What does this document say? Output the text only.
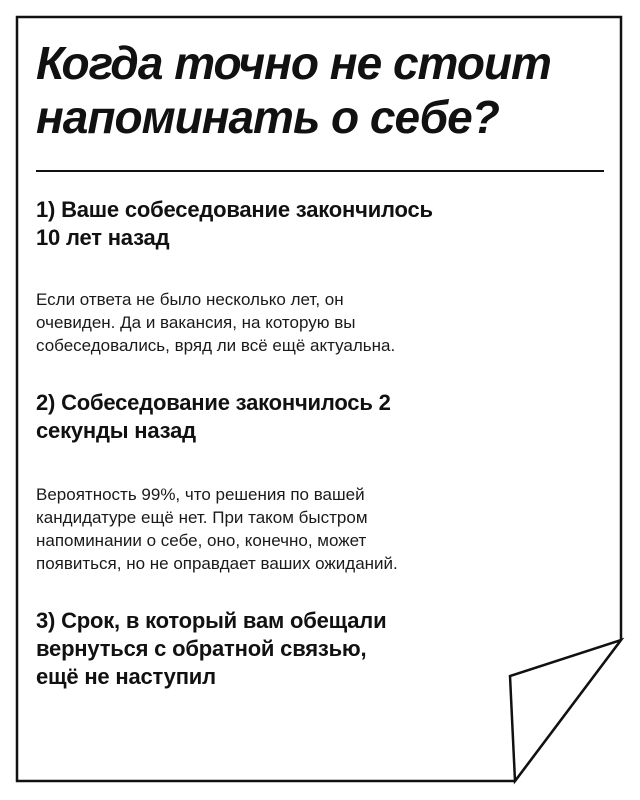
Когда точно не стоит
напоминать о себе?
1) Ваше собеседование закончилось
10 лет назад

Если ответа не было несколько лет, он
очевиден. Да и вакансия, на которую вы
собеседовались, вряд ли всё ещё актуальна.

2) Собеседование закончилось 2
секунды назад

Вероятность 99%, что решения по вашей
кандидатуре ещё нет. При таком быстром
напоминании о себе, оно, конечно, может
появиться, но не оправдает ваших ожиданий.

3) Срок, в который вам обещали
вернуться с обратной связью,
ещё не наступил
